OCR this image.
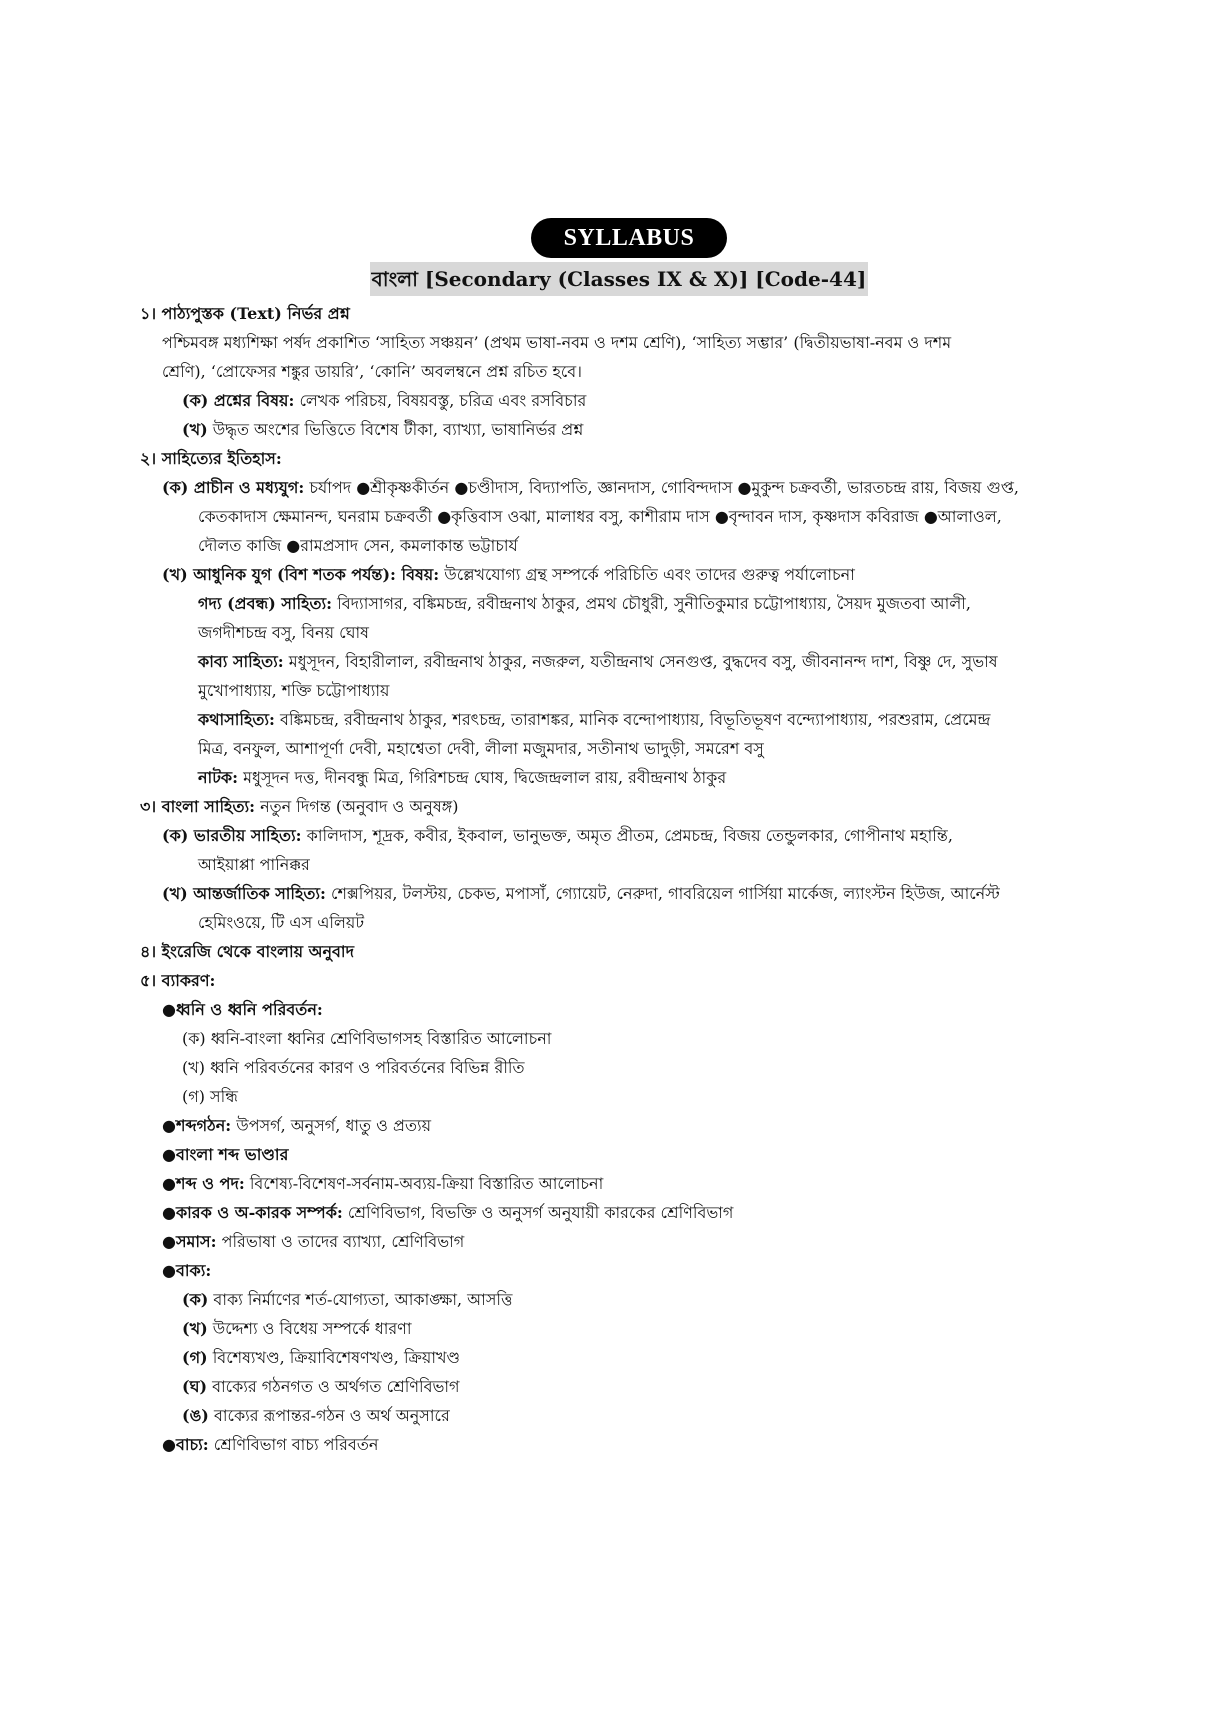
SYLLABUS
বাংলা [Secondary (Classes IX & X)] [Code-44]
১। পাঠ্যপুস্তক (Text) নির্ভর প্রশ্ন
পশ্চিমবঙ্গ মধ্যশিক্ষা পর্ষদ প্রকাশিত ‘সাহিত্য সঞ্চয়ন’ (প্রথম ভাষা-নবম ও দশম শ্রেণি), ‘সাহিত্য সম্ভার’ (দ্বিতীয়ভাষা-নবম ও দশম
শ্রেণি), ‘প্রোফেসর শঙ্কুর ডায়রি’, ‘কোনি’ অবলম্বনে প্রশ্ন রচিত হবে।
(ক) প্রশ্নের বিষয়: লেখক পরিচয়, বিষয়বস্তু, চরিত্র এবং রসবিচার
(খ) উদ্ধৃত অংশের ভিত্তিতে বিশেষ টীকা, ব্যাখ্যা, ভাষানির্ভর প্রশ্ন
২। সাহিত্যের ইতিহাস:
(ক) প্রাচীন ও মধ্যযুগ: চর্যাপদ ●শ্রীকৃষ্ণকীর্তন ●চণ্ডীদাস, বিদ্যাপতি, জ্ঞানদাস, গোবিন্দদাস ●মুকুন্দ চক্রবর্তী, ভারতচন্দ্র রায়, বিজয় গুপ্ত,
কেতকাদাস ক্ষেমানন্দ, ঘনরাম চক্রবর্তী ●কৃত্তিবাস ওঝা, মালাধর বসু, কাশীরাম দাস ●বৃন্দাবন দাস, কৃষ্ণদাস কবিরাজ ●আলাওল,
দৌলত কাজি ●রামপ্রসাদ সেন, কমলাকান্ত ভট্টাচার্য
(খ) আধুনিক যুগ (বিশ শতক পর্যন্ত): বিষয়: উল্লেখযোগ্য গ্রন্থ সম্পর্কে পরিচিতি এবং তাদের গুরুত্ব পর্যালোচনা
গদ্য (প্রবন্ধ) সাহিত্য: বিদ্যাসাগর, বঙ্কিমচন্দ্র, রবীন্দ্রনাথ ঠাকুর, প্রমথ চৌধুরী, সুনীতিকুমার চট্টোপাধ্যায়, সৈয়দ মুজতবা আলী,
জগদীশচন্দ্র বসু, বিনয় ঘোষ
কাব্য সাহিত্য: মধুসূদন, বিহারীলাল, রবীন্দ্রনাথ ঠাকুর, নজরুল, যতীন্দ্রনাথ সেনগুপ্ত, বুদ্ধদেব বসু, জীবনানন্দ দাশ, বিষ্ণু দে, সুভাষ
মুখোপাধ্যায়, শক্তি চট্টোপাধ্যায়
কথাসাহিত্য: বঙ্কিমচন্দ্র, রবীন্দ্রনাথ ঠাকুর, শরৎচন্দ্র, তারাশঙ্কর, মানিক বন্দোপাধ্যায়, বিভূতিভূষণ বন্দ্যোপাধ্যায়, পরশুরাম, প্রেমেন্দ্র
মিত্র, বনফুল, আশাপূর্ণা দেবী, মহাশ্বেতা দেবী, লীলা মজুমদার, সতীনাথ ভাদুড়ী, সমরেশ বসু
নাটক: মধুসূদন দত্ত, দীনবন্ধু মিত্র, গিরিশচন্দ্র ঘোষ, দ্বিজেন্দ্রলাল রায়, রবীন্দ্রনাথ ঠাকুর
৩। বাংলা সাহিত্য: নতুন দিগন্ত (অনুবাদ ও অনুষঙ্গ)
(ক) ভারতীয় সাহিত্য: কালিদাস, শূদ্রক, কবীর, ইকবাল, ভানুভক্ত, অমৃত প্রীতম, প্রেমচন্দ্র, বিজয় তেন্ডুলকার, গোপীনাথ মহান্তি,
আইয়াপ্পা পানিক্কর
(খ) আন্তর্জাতিক সাহিত্য: শেক্সপিয়র, টলস্টয়, চেকভ, মপাসাঁ, গ্যোয়েট, নেরুদা, গাবরিয়েল গার্সিয়া মার্কেজ, ল্যাংস্টন হিউজ, আর্নেস্ট
হেমিংওয়ে, টি এস এলিয়ট
৪। ইংরেজি থেকে বাংলায় অনুবাদ
৫। ব্যাকরণ:
●ধ্বনি ও ধ্বনি পরিবর্তন:
(ক) ধ্বনি-বাংলা ধ্বনির শ্রেণিবিভাগসহ বিস্তারিত আলোচনা
(খ) ধ্বনি পরিবর্তনের কারণ ও পরিবর্তনের বিভিন্ন রীতি
(গ) সন্ধি
●শব্দগঠন: উপসর্গ, অনুসর্গ, ধাতু ও প্রত্যয়
●বাংলা শব্দ ভাণ্ডার
●শব্দ ও পদ: বিশেষ্য-বিশেষণ-সর্বনাম-অব্যয়-ক্রিয়া বিস্তারিত আলোচনা
●কারক ও অ-কারক সম্পর্ক: শ্রেণিবিভাগ, বিভক্তি ও অনুসর্গ অনুযায়ী কারকের শ্রেণিবিভাগ
●সমাস: পরিভাষা ও তাদের ব্যাখ্যা, শ্রেণিবিভাগ
●বাক্য:
(ক) বাক্য নির্মাণের শর্ত-যোগ্যতা, আকাঙ্ক্ষা, আসত্তি
(খ) উদ্দেশ্য ও বিধেয় সম্পর্কে ধারণা
(গ) বিশেষ্যখণ্ড, ক্রিয়াবিশেষণখণ্ড, ক্রিয়াখণ্ড
(ঘ) বাক্যের গঠনগত ও অর্থগত শ্রেণিবিভাগ
(ঙ) বাক্যের রূপান্তর-গঠন ও অর্থ অনুসারে
●বাচ্য: শ্রেণিবিভাগ বাচ্য পরিবর্তন
